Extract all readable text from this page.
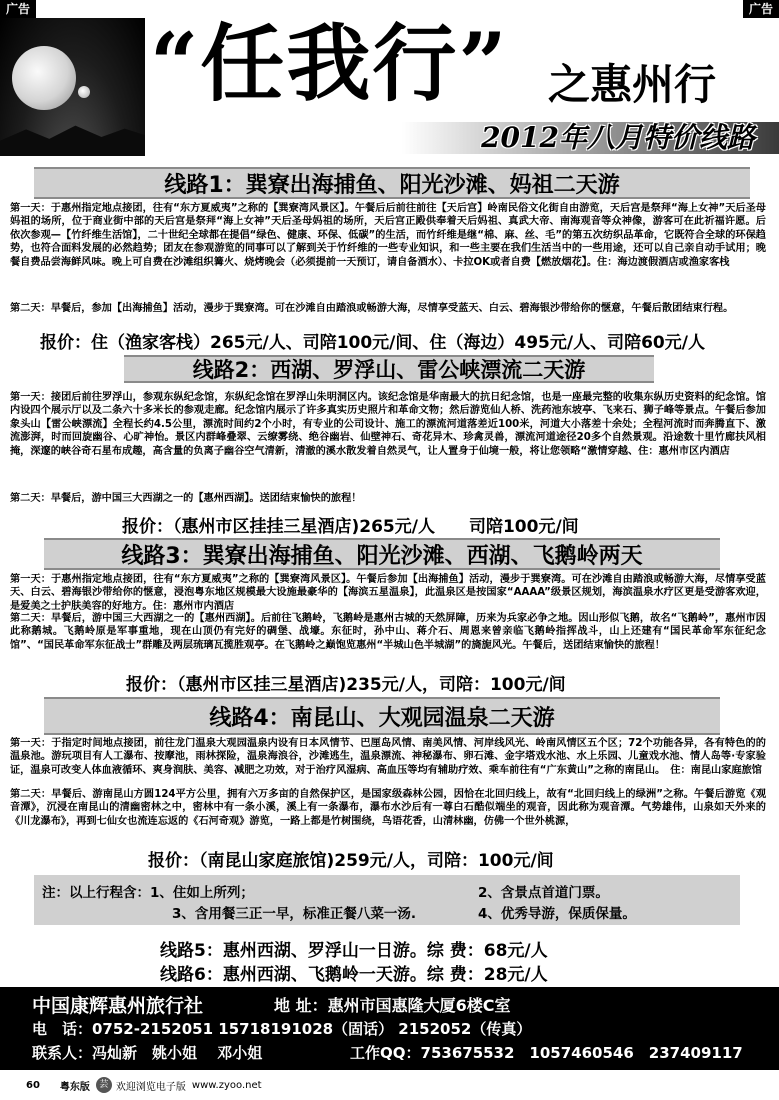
“任我行” 之惠州行
2012年八月特价线路
广告	广告
线路1：巽寮出海捕鱼、阳光沙滩、妈祖二天游
第一天：于惠州指定地点接团，往有“东方夏威夷”之称的【巽寮湾风景区】。午餐后后前往前往【天后宫】岭南民俗文化街自由游览，天后宫是祭拜“海上女神”天后圣母妈祖的场所，位于商业街中部的天后宫是祭拜“海上女神”天后圣母妈祖的场所，天后宫正殿供奉着天后妈祖、真武大帝、南海观音等众神像，游客可在此祈福许愿。后依次参观—【竹纤维生活馆】，二十世纪全球都在提倡“绿色、健康、环保、低碳”的生活，而竹纤维是继“棉、麻、丝、毛”的第五次纺织品革命，它既符合全球的环保趋势，也符合面料发展的必然趋势；团友在参观游览的同事可以了解到关于竹纤维的一些专业知识，和一些主要在我们生活当中的一些用途，还可以自己亲自动手试用；晚餐自费品尝海鲜风味。晚上可自费在沙滩组织篝火、烧烤晚会（必须提前一天预订，请自备酒水）、卡拉OK或者自费【燃放烟花】。住：海边渡假酒店或渔家客栈
第二天：早餐后，参加【出海捕鱼】活动，漫步于巽寮湾。可在沙滩自由踏浪或畅游大海，尽情享受蓝天、白云、碧海银沙带给你的惬意，午餐后散团结束行程。
报价：住（渔家客栈）265元/人、司陪100元/间、住（海边）495元/人、司陪60元/人
线路2：西湖、罗浮山、雷公峡漂流二天游
第一天：接团后前往罗浮山，参观东纵纪念馆，东纵纪念馆在罗浮山朱明洞区内。该纪念馆是华南最大的抗日纪念馆，也是一座最完整的收集东纵历史资料的纪念馆。馆内设四个展示厅以及二条六十多米长的参观走廊。纪念馆内展示了许多真实历史照片和革命文物；然后游览仙人桥、洗药池东坡亭、飞来石、狮子峰等景点。午餐后参加象头山【雷公峡漂流】全程长约4.5公里，漂流时间约2个小时，有专业的公司设计、施工的漂流河道落差近100米，河道大小落差十余处；全程河流时而奔腾直下、激流澎湃，时而回旋幽谷、心旷神怡。景区内群峰叠翠、云缭雾绕、绝谷幽岩、仙壁神石、奇花异木、珍禽灵兽，漂流河道途径20多个自然景观。沿途数十里竹廊扶风相掩，深邃的峡谷奇石星布成趣，高含量的负离子幽谷空气清新，清澈的溪水散发着自然灵气，让人置身于仙境一般，将让您领略“激情穿越、住：惠州市区内酒店
第二天：早餐后，游中国三大西湖之一的【惠州西湖】。送团结束愉快的旅程！
报价：（惠州市区挂挂三星酒店)265元/人　　司陪100元/间
线路3：巽寮出海捕鱼、阳光沙滩、西湖、飞鹅岭两天
第一天：于惠州指定地点接团，往有“东方夏威夷”之称的【巽寮湾风景区】。午餐后参加【出海捕鱼】活动，漫步于巽寮湾。可在沙滩自由踏浪或畅游大海，尽情享受蓝天、白云、碧海银沙带给你的惬意，浸泡粤东地区规模最大设施最豪华的【海滨五星温泉】，此温泉区是按国家“AAAA”级景区规划，海滨温泉水疗区更是受游客欢迎，是爱美之士护肤美容的好地方。住：惠州市内酒店
第二天：早餐后，游中国三大西湖之一的【惠州西湖】。后前往飞鹅岭，飞鹅岭是惠州古城的天然屏障，历来为兵家必争之地。因山形似飞鹅，故名“飞鹅岭”，惠州市因此称鹅城。飞鹅岭原是军事重地，现在山顶仍有完好的碉堡、战壕。东征时，孙中山、蒋介石、周恩来曾亲临飞鹅岭指挥战斗，山上还建有“国民革命军东征纪念馆”、“国民革命军东征战士”群雕及两层琉璃瓦揽胜观亭。在飞鹅岭之巅饱览惠州“半城山色半城湖”的旖旎风光。午餐后，送团结束愉快的旅程！
报价：（惠州市区挂三星酒店)235元/人，司陪：100元/间
线路4：南昆山、大观园温泉二天游
第一天：于指定时间地点接团，前往龙门温泉大观园温泉内设有日本风情节、巴厘岛风情、南美风情、河岸线风光、岭南风情区五个区；72个功能各异，各有特色的的温泉池。游玩项目有人工瀑布、按摩池，雨林探险，温泉海浪谷，沙滩逃生，温泉漂流、神秘瀑布、卵石滩、金字塔戏水池、水上乐园、儿童戏水池、情人岛等·专家验证，温泉可改变人体血液循环、爽身润肤、美容、减肥之功效，对于治疗风湿病、高血压等均有辅助疗效、乘车前往有“广东黄山”之称的南昆山。　住：南昆山家庭旅馆
第二天：早餐后、游南昆山方圆124平方公里，拥有六万多亩的自然保护区，是国家级森林公园，因恰在北回归线上，故有“北回归线上的绿洲”之称。午餐后游览《观音潭》，沉浸在南昆山的清幽密林之中，密林中有一条小溪，溪上有一条瀑布，瀑布水沙后有一尊白石酷似端坐的观音，因此称为观音潭。气势雄伟，山泉如天外来的《川龙瀑布》，再到七仙女也流连忘返的《石河奇观》游览，一路上都是竹树围绕，鸟语花香，山清林幽，仿佛一个世外桃源，
报价：（南昆山家庭旅馆)259元/人，司陪：100元/间
注：以上行程含：1、住如上所列；	2、含景点首道门票。
3、含用餐三正一早，标准正餐八菜一汤.	4、优秀导游，保质保量。
线路5：惠州西湖、罗浮山一日游。综 费：68元/人
线路6：惠州西湖、飞鹅岭一天游。综 费：28元/人
中国康辉惠州旅行社	地 址：惠州市国惠隆大厦6楼C室
电　话：0752-2152051 15718191028（固话） 2152052（传真）
联系人：冯灿新　姚小姐　 邓小姐	工作QQ：753675532　1057460546　237409117
60 粤东版	芸 欢迎浏览电子版 www.zyoo.net
